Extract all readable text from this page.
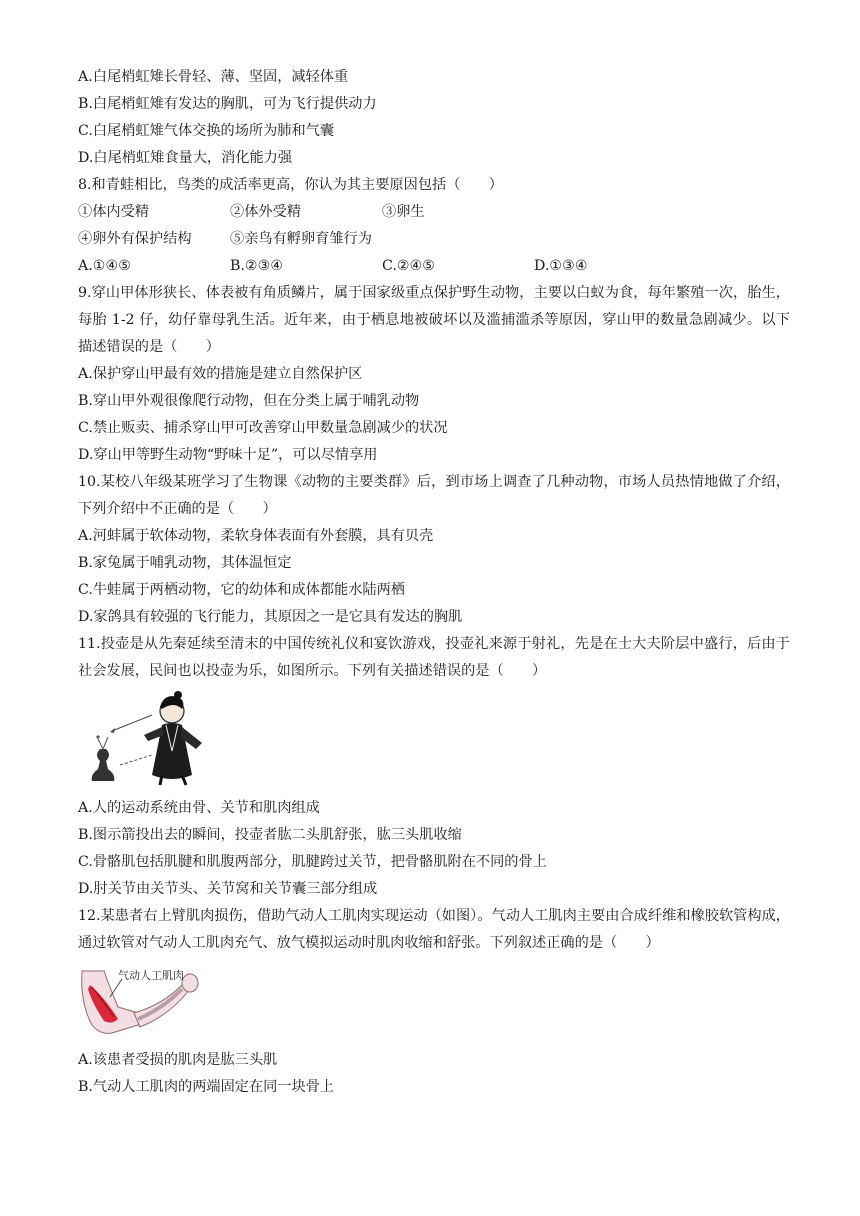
A.白尾梢虹雉长骨轻、薄、坚固，减轻体重
B.白尾梢虹雉有发达的胸肌，可为飞行提供动力
C.白尾梢虹雉气体交换的场所为肺和气囊
D.白尾梢虹雉食量大，消化能力强
8.和青蛙相比，鸟类的成活率更高，你认为其主要原因包括（　　）
①体内受精	②体外受精	③卵生
④卵外有保护结构	⑤亲鸟有孵卵育雏行为
A.①④⑤	B.②③④	C.②④⑤	D.①③④
9.穿山甲体形狭长、体表被有角质鳞片，属于国家级重点保护野生动物，主要以白蚁为食，每年繁殖一次，胎生，每胎 1-2 仔，幼仔靠母乳生活。近年来，由于栖息地被破坏以及滥捕滥杀等原因，穿山甲的数量急剧减少。以下描述错误的是（　　）
A.保护穿山甲最有效的措施是建立自然保护区
B.穿山甲外观很像爬行动物，但在分类上属于哺乳动物
C.禁止贩卖、捕杀穿山甲可改善穿山甲数量急剧减少的状况
D.穿山甲等野生动物“野味十足”，可以尽情享用
10.某校八年级某班学习了生物课《动物的主要类群》后，到市场上调查了几种动物，市场人员热情地做了介绍，下列介绍中不正确的是（　　）
A.河蚌属于软体动物，柔软身体表面有外套膜，具有贝壳
B.家兔属于哺乳动物，其体温恒定
C.牛蛙属于两栖动物，它的幼体和成体都能水陆两栖
D.家鸽具有较强的飞行能力，其原因之一是它具有发达的胸肌
11.投壶是从先秦延续至清末的中国传统礼仪和宴饮游戏，投壶礼来源于射礼，先是在士大夫阶层中盛行，后由于社会发展，民间也以投壶为乐，如图所示。下列有关描述错误的是（　　）
A.人的运动系统由骨、关节和肌肉组成
B.图示箭投出去的瞬间，投壶者肱二头肌舒张，肱三头肌收缩
C.骨骼肌包括肌腱和肌腹两部分，肌腱跨过关节，把骨骼肌附在不同的骨上
D.肘关节由关节头、关节窝和关节囊三部分组成
12.某患者右上臂肌肉损伤，借助气动人工肌肉实现运动（如图）。气动人工肌肉主要由合成纤维和橡胶软管构成，通过软管对气动人工肌肉充气、放气模拟运动时肌肉收缩和舒张。下列叙述正确的是（　　）
气动人工肌肉
A.该患者受损的肌肉是肱三头肌
B.气动人工肌肉的两端固定在同一块骨上
